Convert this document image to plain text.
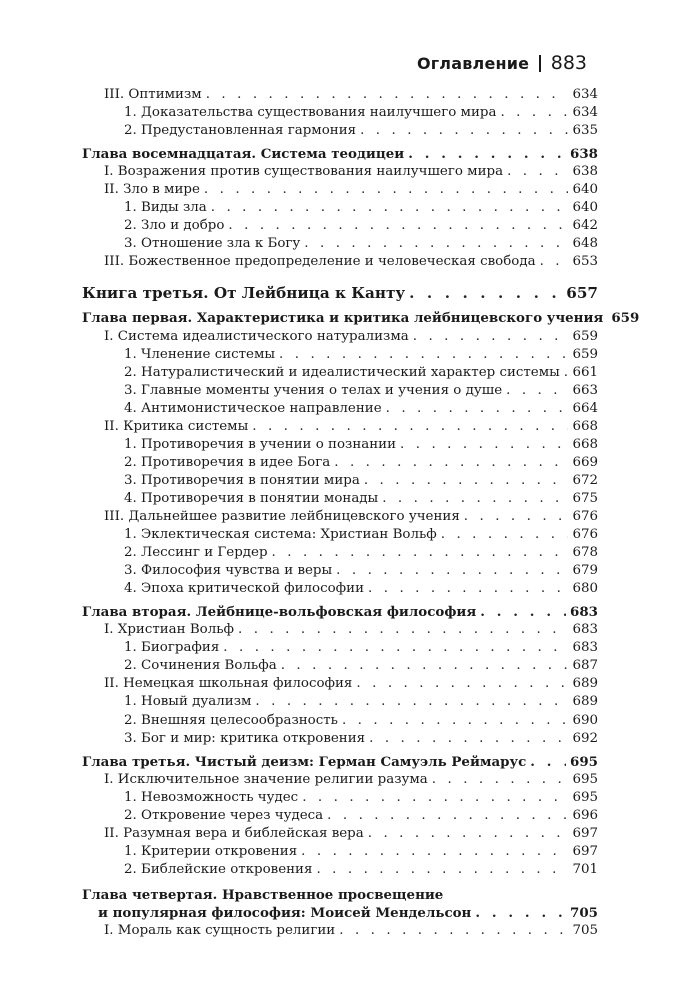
Оглавление 883
III. Оптимизм . . .	634
1. Доказательства существования наилучшего мира . . .	634
2. Предустановленная гармония . . .	635
Глава восемнадцатая. Система теодицеи . . .	638
I. Возражения против существования наилучшего мира . . .	638
II. Зло в мире . . .	640
1. Виды зла . . .	640
2. Зло и добро . . .	642
3. Отношение зла к Богу . . .	648
III. Божественное предопределение и человеческая свобода . . .	653
Книга третья. От Лейбница к Канту . . .	657
Глава первая. Характеристика и критика лейбницевского учения 659
I. Система идеалистического натурализма . . .	659
1. Членение системы . . .	659
2. Натуралистический и идеалистический характер системы . . . 661
3. Главные моменты учения о телах и учения о душе . . .	663
4. Антимонистическое направление . . .	664
II. Критика системы . . .	668
1. Противоречия в учении о познании . . .	668
2. Противоречия в идее Бога . . .	669
3. Противоречия в понятии мира . . .	672
4. Противоречия в понятии монады . . .	675
III. Дальнейшее развитие лейбницевского учения . . .	676
1. Эклектическая система: Христиан Вольф . . .	676
2. Лессинг и Гердер . . .	678
3. Философия чувства и веры . . .	679
4. Эпоха критической философии . . .	680
Глава вторая. Лейбнице-вольфовская философия . . .	683
I. Христиан Вольф . . .	683
1. Биография . . .	683
2. Сочинения Вольфа . . .	687
II. Немецкая школьная философия . . .	689
1. Новый дуализм . . .	689
2. Внешняя целесообразность . . .	690
3. Бог и мир: критика откровения . . .	692
Глава третья. Чистый деизм: Герман Самуэль Реймарус . . .	695
I. Исключительное значение религии разума . . .	695
1. Невозможность чудес . . .	695
2. Откровение через чудеса . . .	696
II. Разумная вера и библейская вера . . .	697
1. Критерии откровения . . .	697
2. Библейские откровения . . .	701
Глава четвертая. Нравственное просвещение
и популярная философия: Моисей Мендельсон . . .	705
I. Мораль как сущность религии . . .	705
